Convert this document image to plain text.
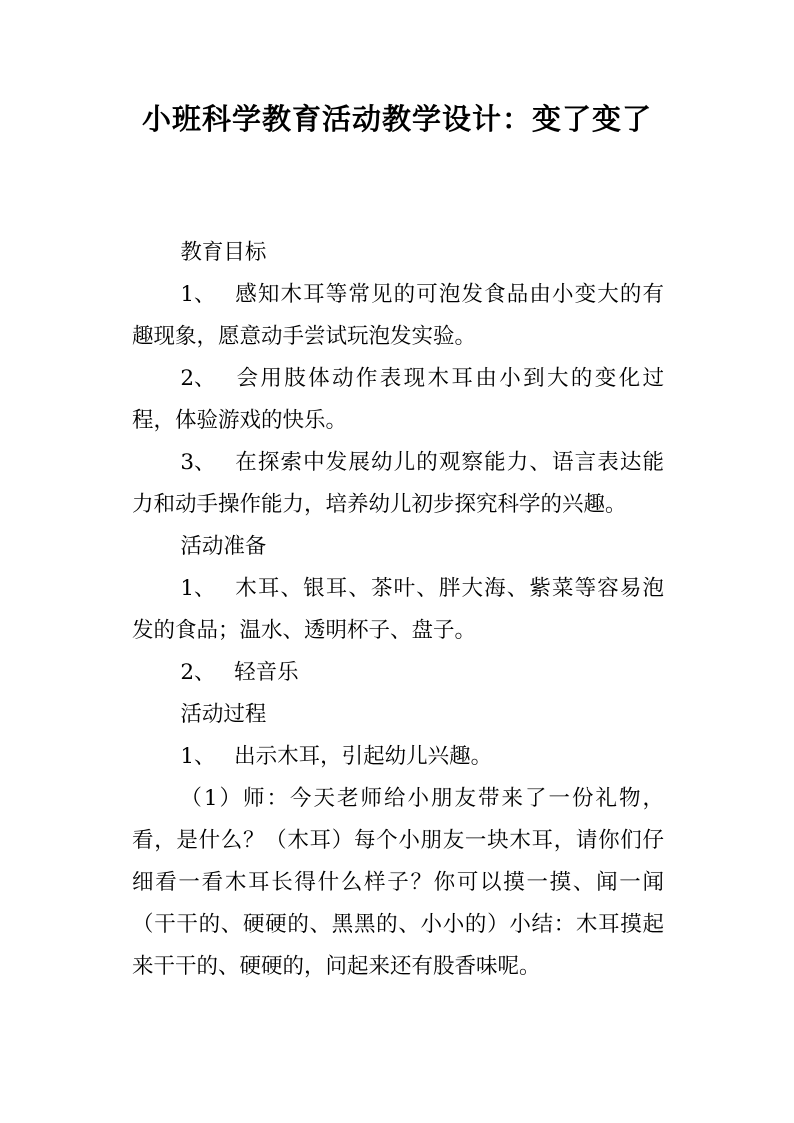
小班科学教育活动教学设计：变了变了

教育目标

1、 感知木耳等常见的可泡发食品由小变大的有趣现象，愿意动手尝试玩泡发实验。

2、 会用肢体动作表现木耳由小到大的变化过程，体验游戏的快乐。

3、 在探索中发展幼儿的观察能力、语言表达能力和动手操作能力，培养幼儿初步探究科学的兴趣。

活动准备

1、 木耳、银耳、茶叶、胖大海、紫菜等容易泡发的食品；温水、透明杯子、盘子。

2、 轻音乐

活动过程

1、 出示木耳，引起幼儿兴趣。

（1）师：今天老师给小朋友带来了一份礼物，看，是什么？（木耳）每个小朋友一块木耳，请你们仔细看一看木耳长得什么样子？你可以摸一摸、闻一闻（干干的、硬硬的、黑黑的、小小的）小结：木耳摸起来干干的、硬硬的，问起来还有股香味呢。
